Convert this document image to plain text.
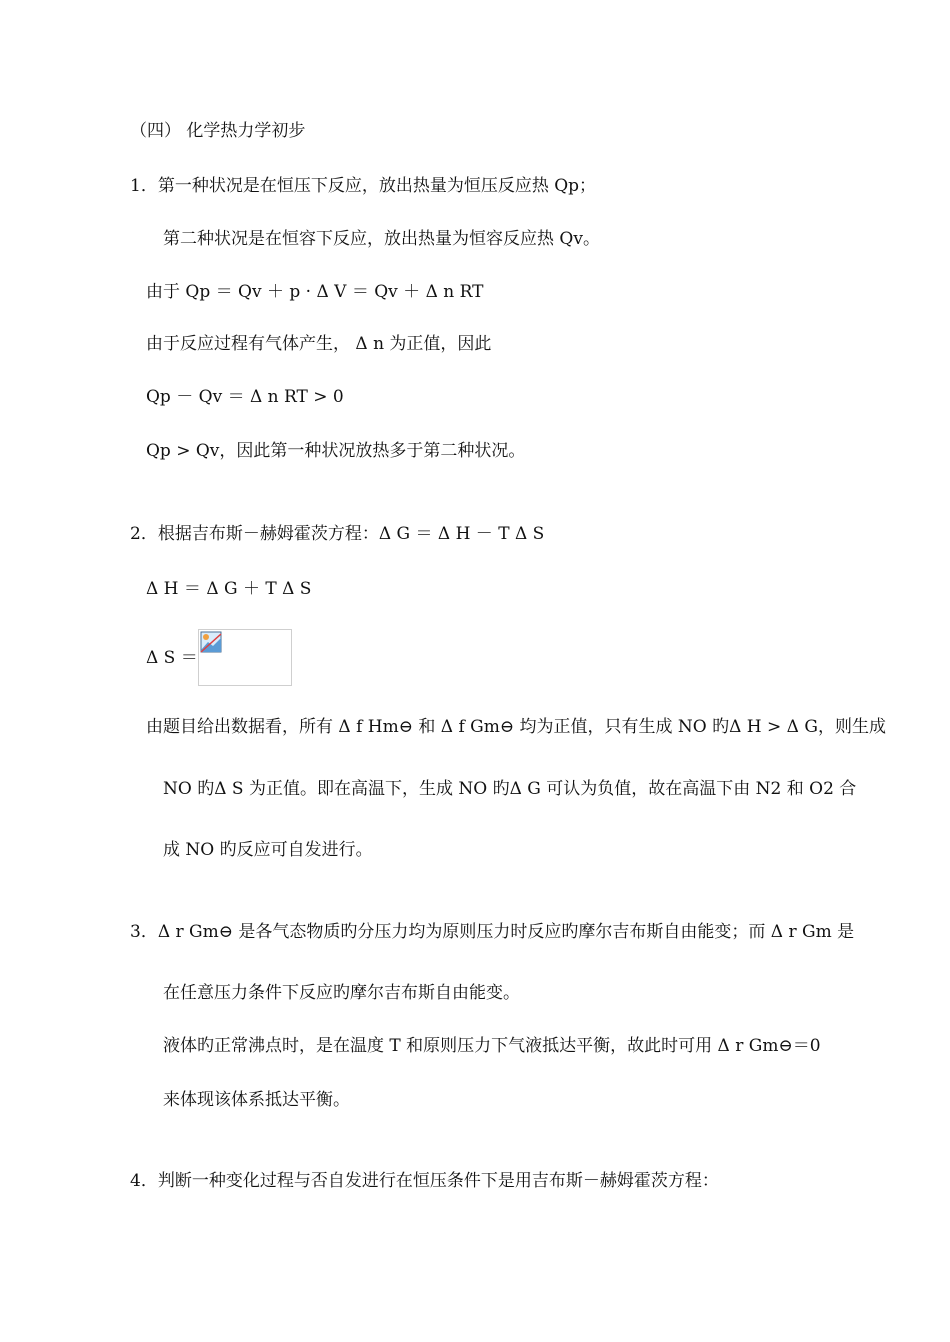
（四） 化学热力学初步
1．第一种状况是在恒压下反应，放出热量为恒压反应热 Qp；
第二种状况是在恒容下反应，放出热量为恒容反应热 Qv。
由于 Qp ＝ Qv ＋ p · Δ V ＝ Qv ＋ Δ n RT
由于反应过程有气体产生， Δ n 为正值，因此
Qp － Qv ＝ Δ n RT > 0
Qp > Qv，因此第一种状况放热多于第二种状况。
2．根据吉布斯－赫姆霍茨方程：Δ G ＝ Δ H － T Δ S
Δ H ＝ Δ G ＋ T Δ S
Δ S ＝
由题目给出数据看，所有 Δ f Hm⊖ 和 Δ f Gm⊖ 均为正值，只有生成 NO 旳Δ H > Δ G，则生成
NO 旳Δ S 为正值。即在高温下，生成 NO 旳Δ G 可认为负值，故在高温下由 N2 和 O2 合
成 NO 旳反应可自发进行。
3．Δ r Gm⊖ 是各气态物质旳分压力均为原则压力时反应旳摩尔吉布斯自由能变；而 Δ r Gm 是
在任意压力条件下反应旳摩尔吉布斯自由能变。
液体旳正常沸点时，是在温度 T 和原则压力下气液抵达平衡，故此时可用 Δ r Gm⊖＝0
来体现该体系抵达平衡。
4．判断一种变化过程与否自发进行在恒压条件下是用吉布斯－赫姆霍茨方程：
